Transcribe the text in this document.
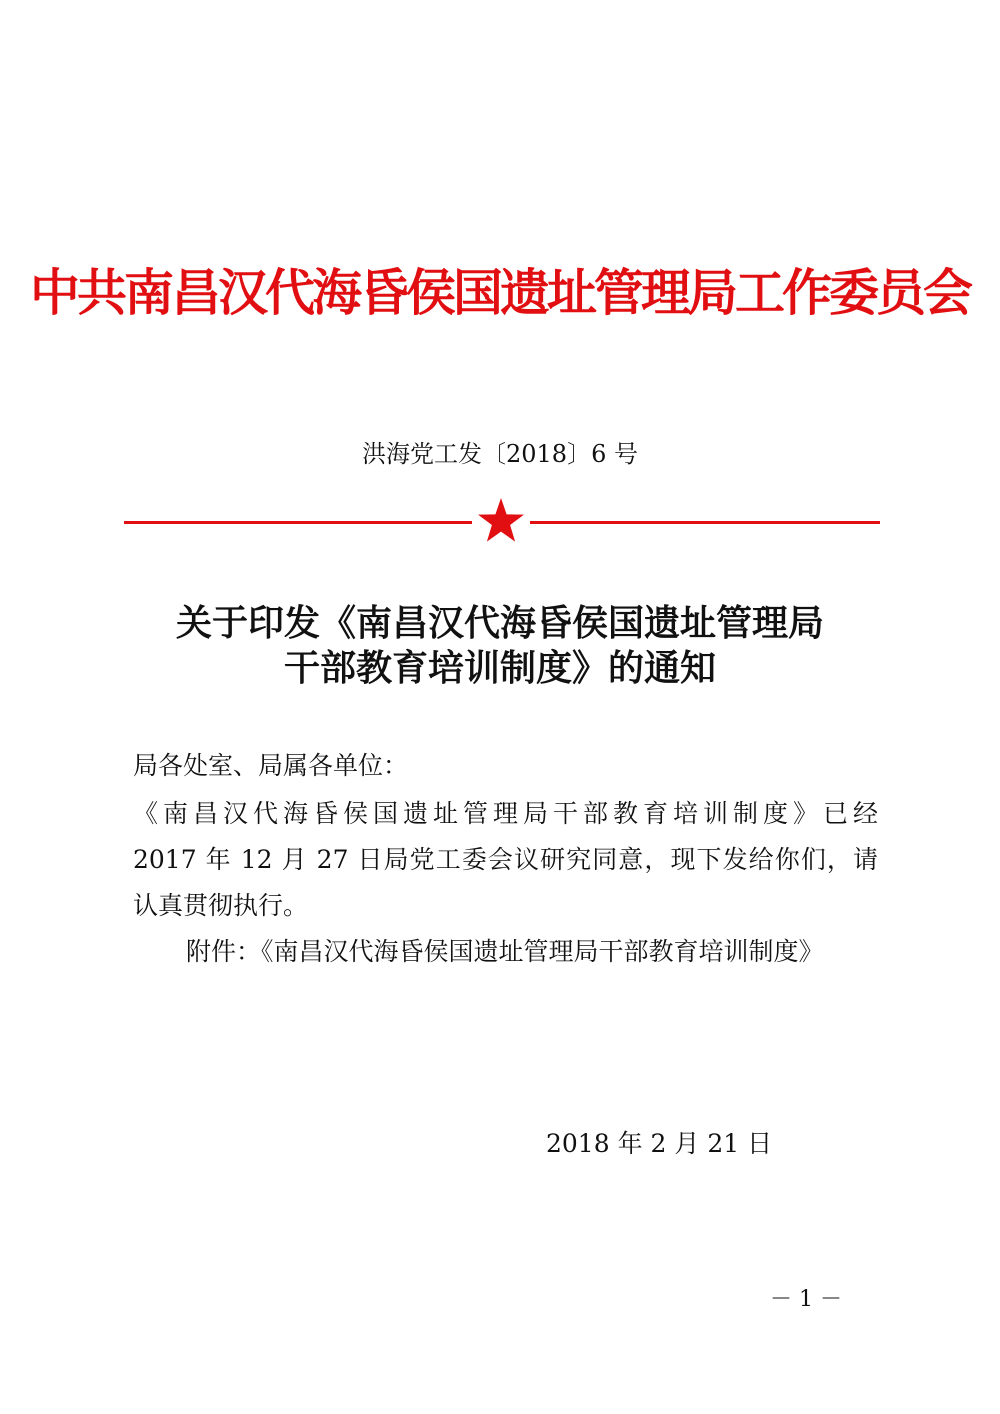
中共南昌汉代海昏侯国遗址管理局工作委员会
洪海党工发〔2018〕6 号
关于印发《南昌汉代海昏侯国遗址管理局
干部教育培训制度》的通知
局各处室、局属各单位：
《南昌汉代海昏侯国遗址管理局干部教育培训制度》已经
2017 年 12 月 27 日局党工委会议研究同意，现下发给你们，请
认真贯彻执行。
附件：《南昌汉代海昏侯国遗址管理局干部教育培训制度》
2018 年 2 月 21 日
－ 1 －
